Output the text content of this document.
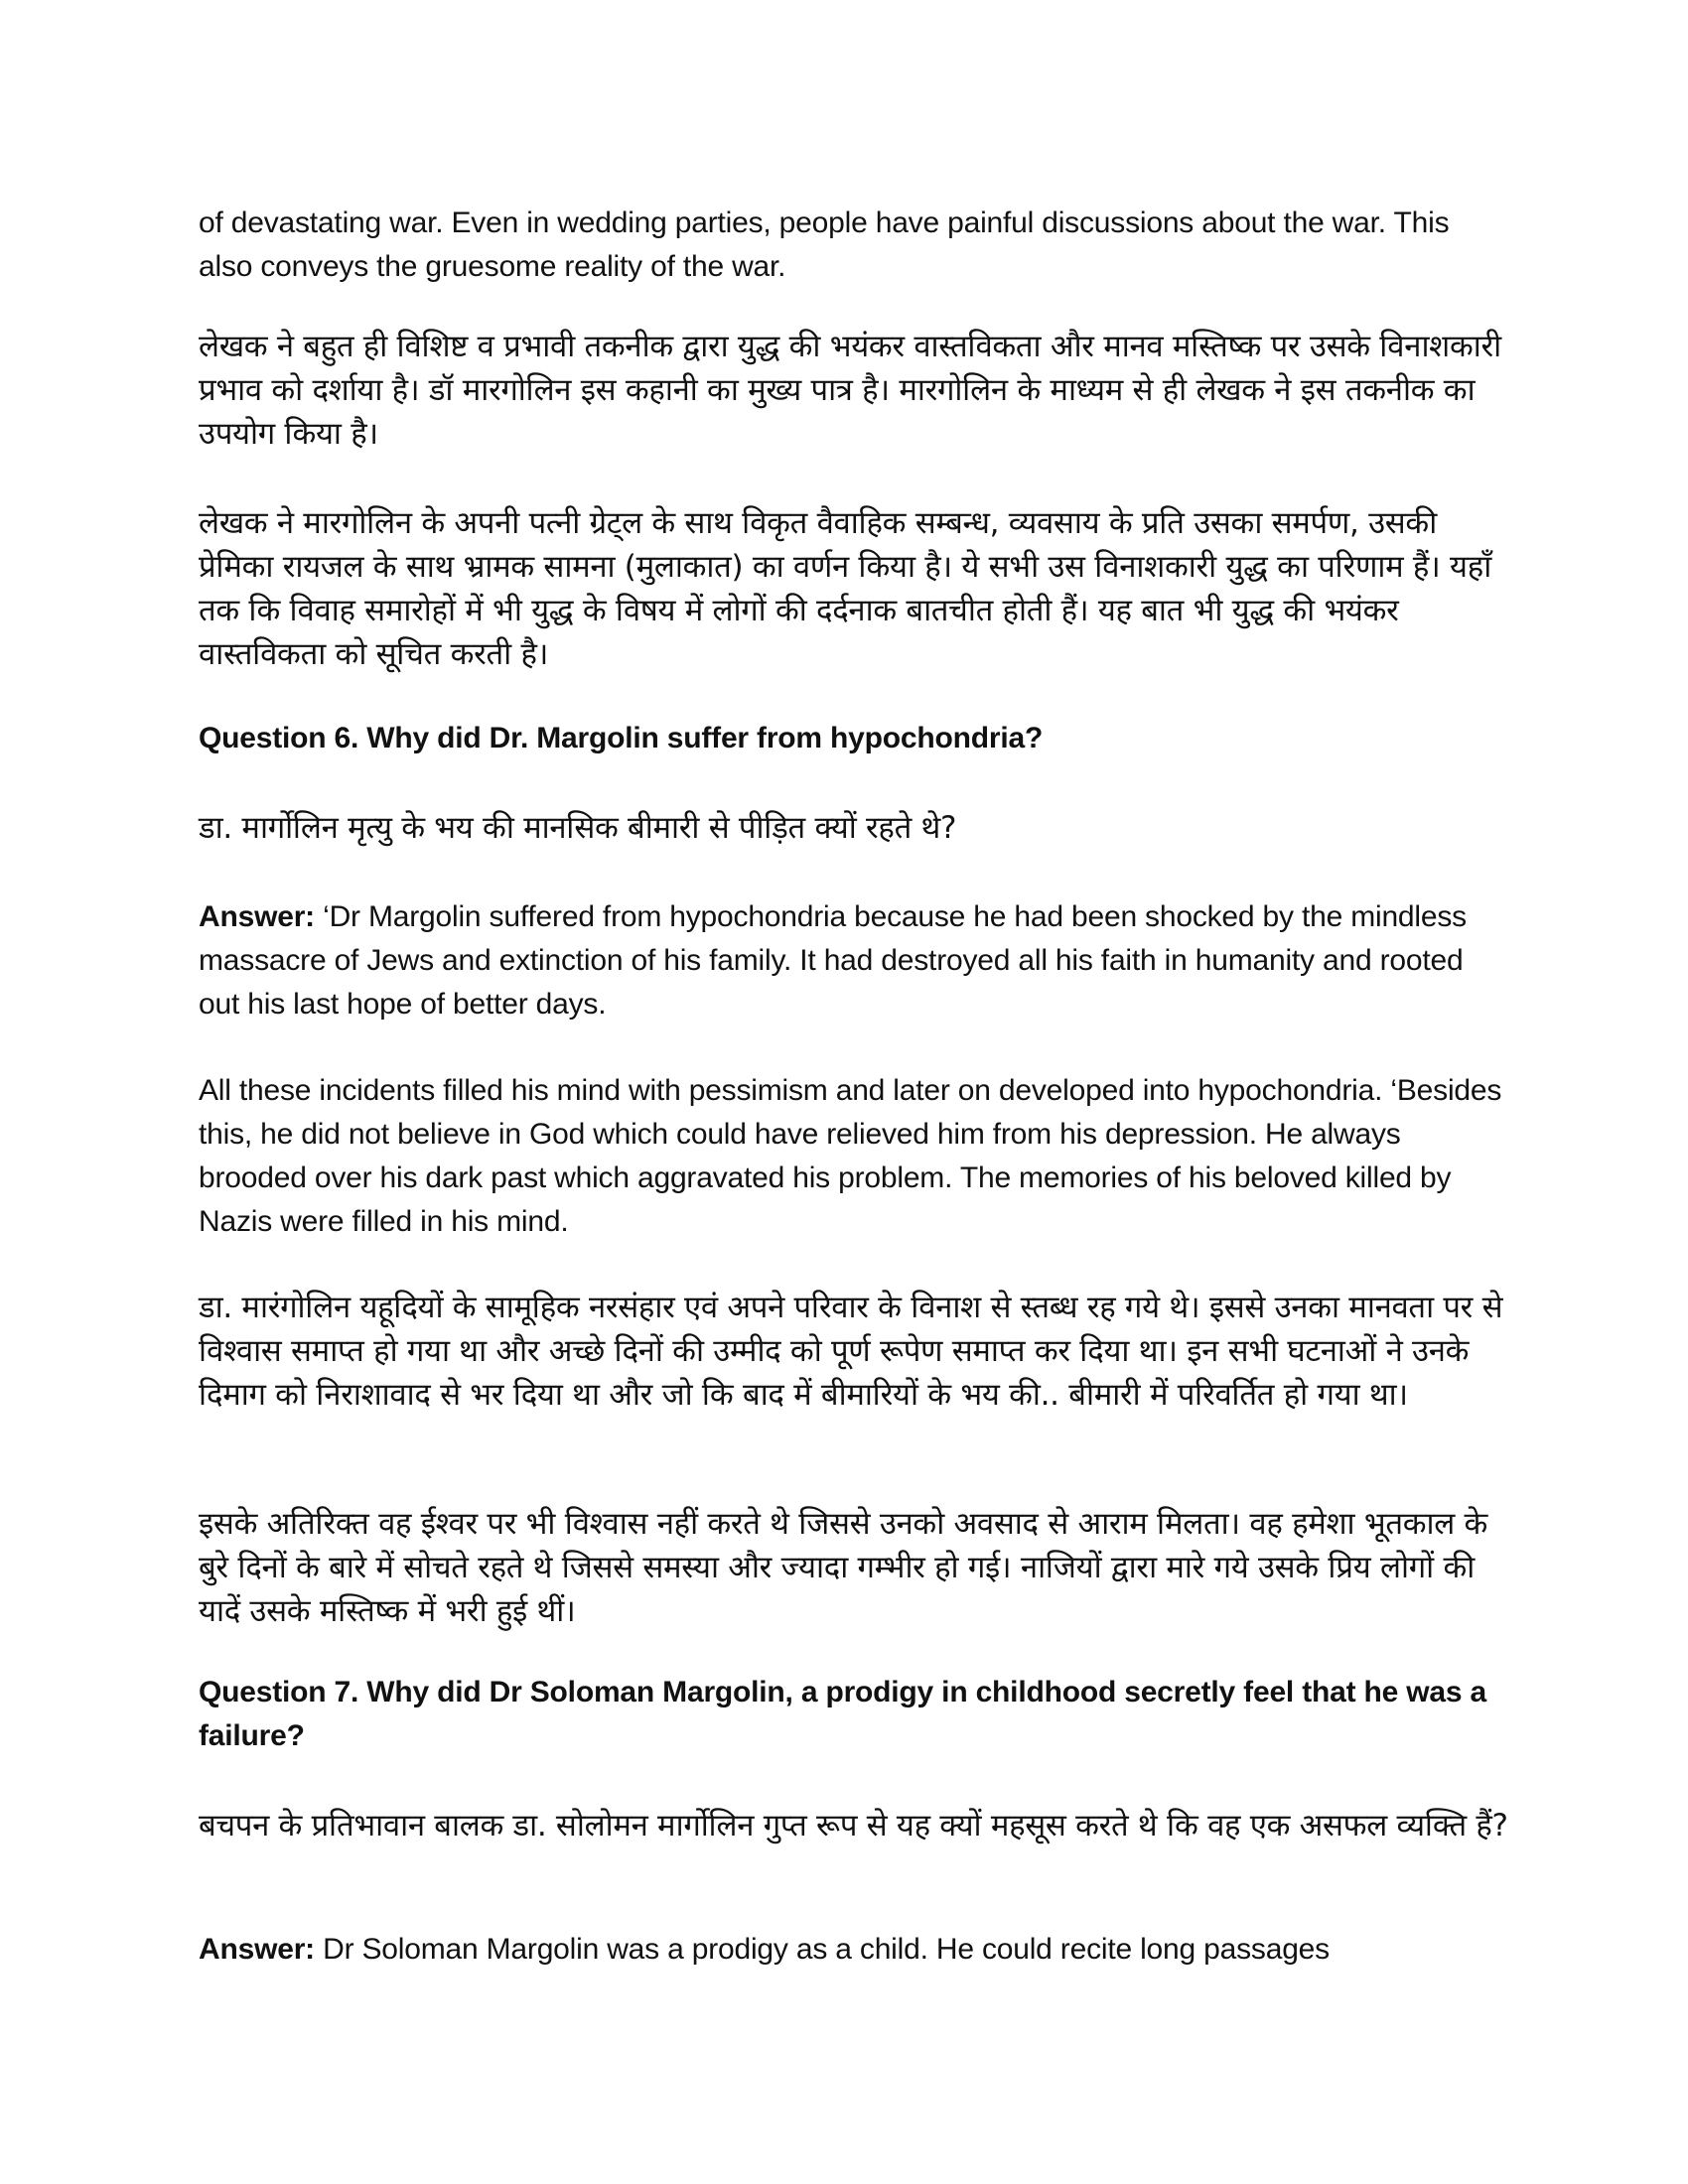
of devastating war. Even in wedding parties, people have painful discussions about the war. This also conveys the gruesome reality of the war.

लेखक ने बहुत ही विशिष्ट व प्रभावी तकनीक द्वारा युद्ध की भयंकर वास्तविकता और मानव मस्तिष्क पर उसके विनाशकारी प्रभाव को दर्शाया है। डॉ मारगोलिन इस कहानी का मुख्य पात्र है। मारगोलिन के माध्यम से ही लेखक ने इस तकनीक का उपयोग किया है।

लेखक ने मारगोलिन के अपनी पत्नी ग्रेट्ल के साथ विकृत वैवाहिक सम्बन्ध, व्यवसाय के प्रति उसका समर्पण, उसकी प्रेमिका रायजल के साथ भ्रामक सामना (मुलाकात) का वर्णन किया है। ये सभी उस विनाशकारी युद्ध का परिणाम हैं। यहाँ तक कि विवाह समारोहों में भी युद्ध के विषय में लोगों की दर्दनाक बातचीत होती हैं। यह बात भी युद्ध की भयंकर वास्तविकता को सूचित करती है।

Question 6. Why did Dr. Margolin suffer from hypochondria?

डा. मार्गोलिन मृत्यु के भय की मानसिक बीमारी से पीड़ित क्यों रहते थे?

Answer: ‘Dr Margolin suffered from hypochondria because he had been shocked by the mindless massacre of Jews and extinction of his family. It had destroyed all his faith in humanity and rooted out his last hope of better days.

All these incidents filled his mind with pessimism and later on developed into hypochondria. ‘Besides this, he did not believe in God which could have relieved him from his depression. He always brooded over his dark past which aggravated his problem. The memories of his beloved killed by Nazis were filled in his mind.

डा. मारंगोलिन यहूदियों के सामूहिक नरसंहार एवं अपने परिवार के विनाश से स्तब्ध रह गये थे। इससे उनका मानवता पर से विश्वास समाप्त हो गया था और अच्छे दिनों की उम्मीद को पूर्ण रूपेण समाप्त कर दिया था। इन सभी घटनाओं ने उनके दिमाग को निराशावाद से भर दिया था और जो कि बाद में बीमारियों के भय की.. बीमारी में परिवर्तित हो गया था।

इसके अतिरिक्त वह ईश्वर पर भी विश्वास नहीं करते थे जिससे उनको अवसाद से आराम मिलता। वह हमेशा भूतकाल के बुरे दिनों के बारे में सोचते रहते थे जिससे समस्या और ज्यादा गम्भीर हो गई। नाजियों द्वारा मारे गये उसके प्रिय लोगों की यादें उसके मस्तिष्क में भरी हुई थीं।

Question 7. Why did Dr Soloman Margolin, a prodigy in childhood secretly feel that he was a failure?

बचपन के प्रतिभावान बालक डा. सोलोमन मार्गोलिन गुप्त रूप से यह क्यों महसूस करते थे कि वह एक असफल व्यक्ति हैं?

Answer: Dr Soloman Margolin was a prodigy as a child. He could recite long passages
